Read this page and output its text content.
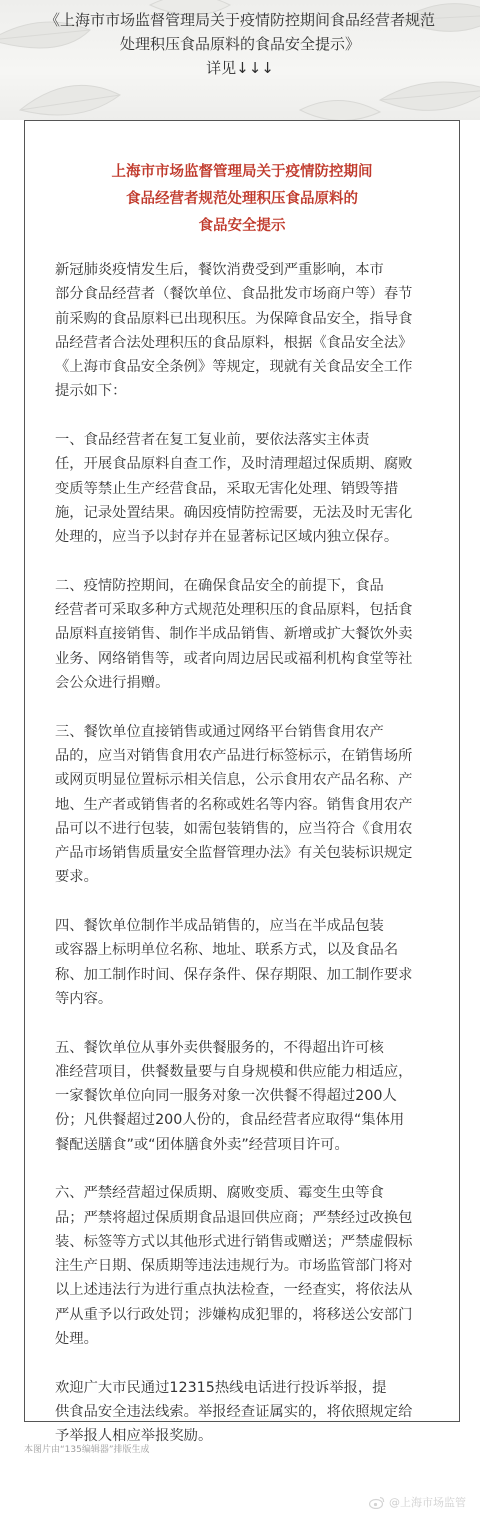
《上海市市场监督管理局关于疫情防控期间食品经营者规范
处理积压食品原料的食品安全提示》
详见↓↓↓
上海市市场监督管理局关于疫情防控期间
食品经营者规范处理积压食品原料的
食品安全提示
新冠肺炎疫情发生后，餐饮消费受到严重影响，本市
部分食品经营者（餐饮单位、食品批发市场商户等）春节
前采购的食品原料已出现积压。为保障食品安全，指导食
品经营者合法处理积压的食品原料，根据《食品安全法》
《上海市食品安全条例》等规定，现就有关食品安全工作
提示如下：
一、食品经营者在复工复业前，要依法落实主体责
任，开展食品原料自查工作，及时清理超过保质期、腐败
变质等禁止生产经营食品，采取无害化处理、销毁等措
施，记录处置结果。确因疫情防控需要，无法及时无害化
处理的，应当予以封存并在显著标记区域内独立保存。
二、疫情防控期间，在确保食品安全的前提下，食品
经营者可采取多种方式规范处理积压的食品原料，包括食
品原料直接销售、制作半成品销售、新增或扩大餐饮外卖
业务、网络销售等，或者向周边居民或福利机构食堂等社
会公众进行捐赠。
三、餐饮单位直接销售或通过网络平台销售食用农产
品的，应当对销售食用农产品进行标签标示，在销售场所
或网页明显位置标示相关信息，公示食用农产品名称、产
地、生产者或销售者的名称或姓名等内容。销售食用农产
品可以不进行包装，如需包装销售的，应当符合《食用农
产品市场销售质量安全监督管理办法》有关包装标识规定
要求。
四、餐饮单位制作半成品销售的，应当在半成品包装
或容器上标明单位名称、地址、联系方式，以及食品名
称、加工制作时间、保存条件、保存期限、加工制作要求
等内容。
五、餐饮单位从事外卖供餐服务的，不得超出许可核
准经营项目，供餐数量要与自身规模和供应能力相适应，
一家餐饮单位向同一服务对象一次供餐不得超过200人
份；凡供餐超过200人份的，食品经营者应取得“集体用
餐配送膳食”或“团体膳食外卖”经营项目许可。
六、严禁经营超过保质期、腐败变质、霉变生虫等食
品；严禁将超过保质期食品退回供应商；严禁经过改换包
装、标签等方式以其他形式进行销售或赠送；严禁虚假标
注生产日期、保质期等违法违规行为。市场监管部门将对
以上述违法行为进行重点执法检查，一经查实，将依法从
严从重予以行政处罚；涉嫌构成犯罪的，将移送公安部门
处理。
欢迎广大市民通过12315热线电话进行投诉举报，提
供食品安全违法线索。举报经查证属实的，将依照规定给
予举报人相应举报奖励。
本图片由“135编辑器”排版生成
@上海市场监管
